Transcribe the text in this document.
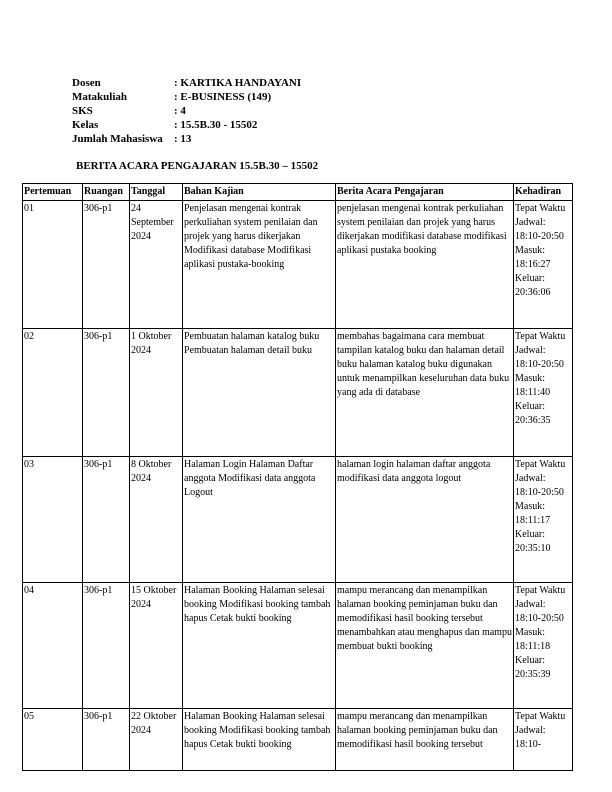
Dosen	: KARTIKA HANDAYANI
Matakuliah	: E-BUSINESS (149)
SKS	: 4
Kelas	: 15.5B.30 - 15502
Jumlah Mahasiswa	: 13
BERITA ACARA PENGAJARAN 15.5B.30 – 15502
Pertemuan	Ruangan	Tanggal	Bahan Kajian	Berita Acara Pengajaran	Kehadiran
01	306-p1	24 September 2024	Penjelasan mengenai kontrak perkuliahan system penilaian dan projek yang harus dikerjakan Modifikasi database Modifikasi aplikasi pustaka-booking	penjelasan mengenai kontrak perkuliahan system penilaian dan projek yang harus dikerjakan modifikasi database modifikasi aplikasi pustaka booking	Tepat Waktu Jadwal: 18:10-20:50 Masuk: 18:16:27 Keluar: 20:36:06
02	306-p1	1 Oktober 2024	Pembuatan halaman katalog buku Pembuatan halaman detail buku	membahas bagaimana cara membuat tampilan katalog buku dan halaman detail buku halaman katalog buku digunakan untuk menampilkan keseluruhan data buku yang ada di database	Tepat Waktu Jadwal: 18:10-20:50 Masuk: 18:11:40 Keluar: 20:36:35
03	306-p1	8 Oktober 2024	Halaman Login Halaman Daftar anggota Modifikasi data anggota Logout	halaman login halaman daftar anggota modifikasi data anggota logout	Tepat Waktu Jadwal: 18:10-20:50 Masuk: 18:11:17 Keluar: 20:35:10
04	306-p1	15 Oktober 2024	Halaman Booking Halaman selesai booking Modifikasi booking tambah hapus Cetak bukti booking	mampu merancang dan menampilkan halaman booking peminjaman buku dan memodifikasi hasil booking tersebut menambahkan atau menghapus dan mampu membuat bukti booking	Tepat Waktu Jadwal: 18:10-20:50 Masuk: 18:11:18 Keluar: 20:35:39
05	306-p1	22 Oktober 2024	Halaman Booking Halaman selesai booking Modifikasi booking tambah hapus Cetak bukti booking	mampu merancang dan menampilkan halaman booking peminjaman buku dan memodifikasi hasil booking tersebut	Tepat Waktu Jadwal: 18:10-
